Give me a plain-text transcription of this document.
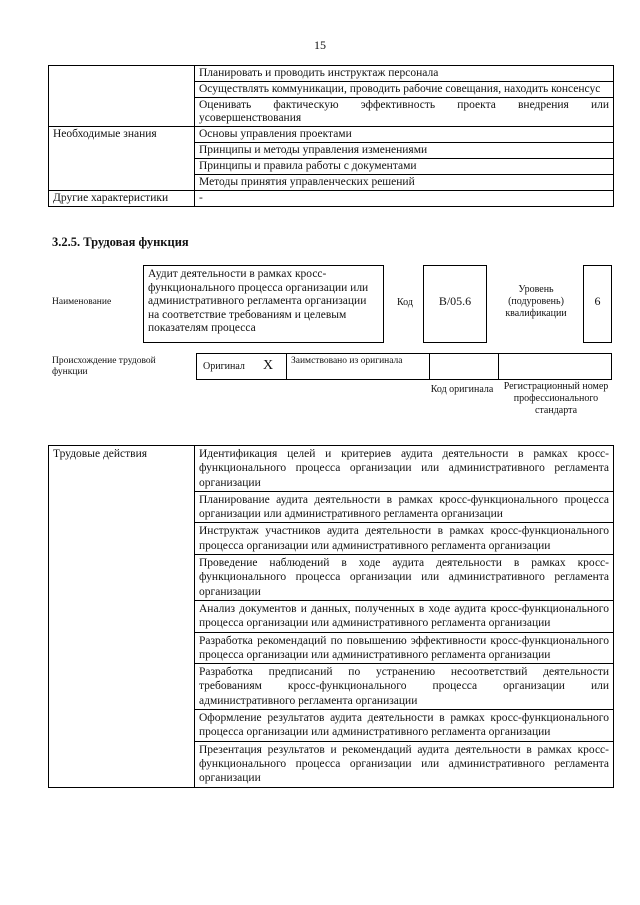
15
	Планировать и проводить инструктаж персонала
	Осуществлять коммуникации, проводить рабочие совещания, находить консенсус
	Оценивать фактическую эффективность проекта внедрения или усовершенствования
Необходимые знания	Основы управления проектами
	Принципы и методы управления изменениями
	Принципы и правила работы с документами
	Методы принятия управленческих решений
Другие характеристики	-
3.2.5. Трудовая функция
Наименование
Аудит деятельности в рамках кросс-функционального процесса организации или административного регламента организации на соответствие требованиям и целевым показателям процесса
Код	B/05.6
Уровень (подуровень) квалификации
6
Происхождение трудовой функции	Оригинал X Заимствовано из оригинала
Код оригинала	Регистрационный номер профессионального стандарта
Трудовые действия	Идентификация целей и критериев аудита деятельности в рамках кросс-функционального процесса организации или административного регламента организации
Планирование аудита деятельности в рамках кросс-функционального процесса организации или административного регламента организации
Инструктаж участников аудита деятельности в рамках кросс-функционального процесса организации или административного регламента организации
Проведение наблюдений в ходе аудита деятельности в рамках кросс-функционального процесса организации или административного регламента организации
Анализ документов и данных, полученных в ходе аудита кросс-функционального процесса организации или административного регламента организации
Разработка рекомендаций по повышению эффективности кросс-функционального процесса организации или административного регламента организации
Разработка предписаний по устранению несоответствий деятельности требованиям кросс-функционального процесса организации или административного регламента организации
Оформление результатов аудита деятельности в рамках кросс-функционального процесса организации или административного регламента организации
Презентация результатов и рекомендаций аудита деятельности в рамках кросс-функционального процесса организации или административного регламента организации
